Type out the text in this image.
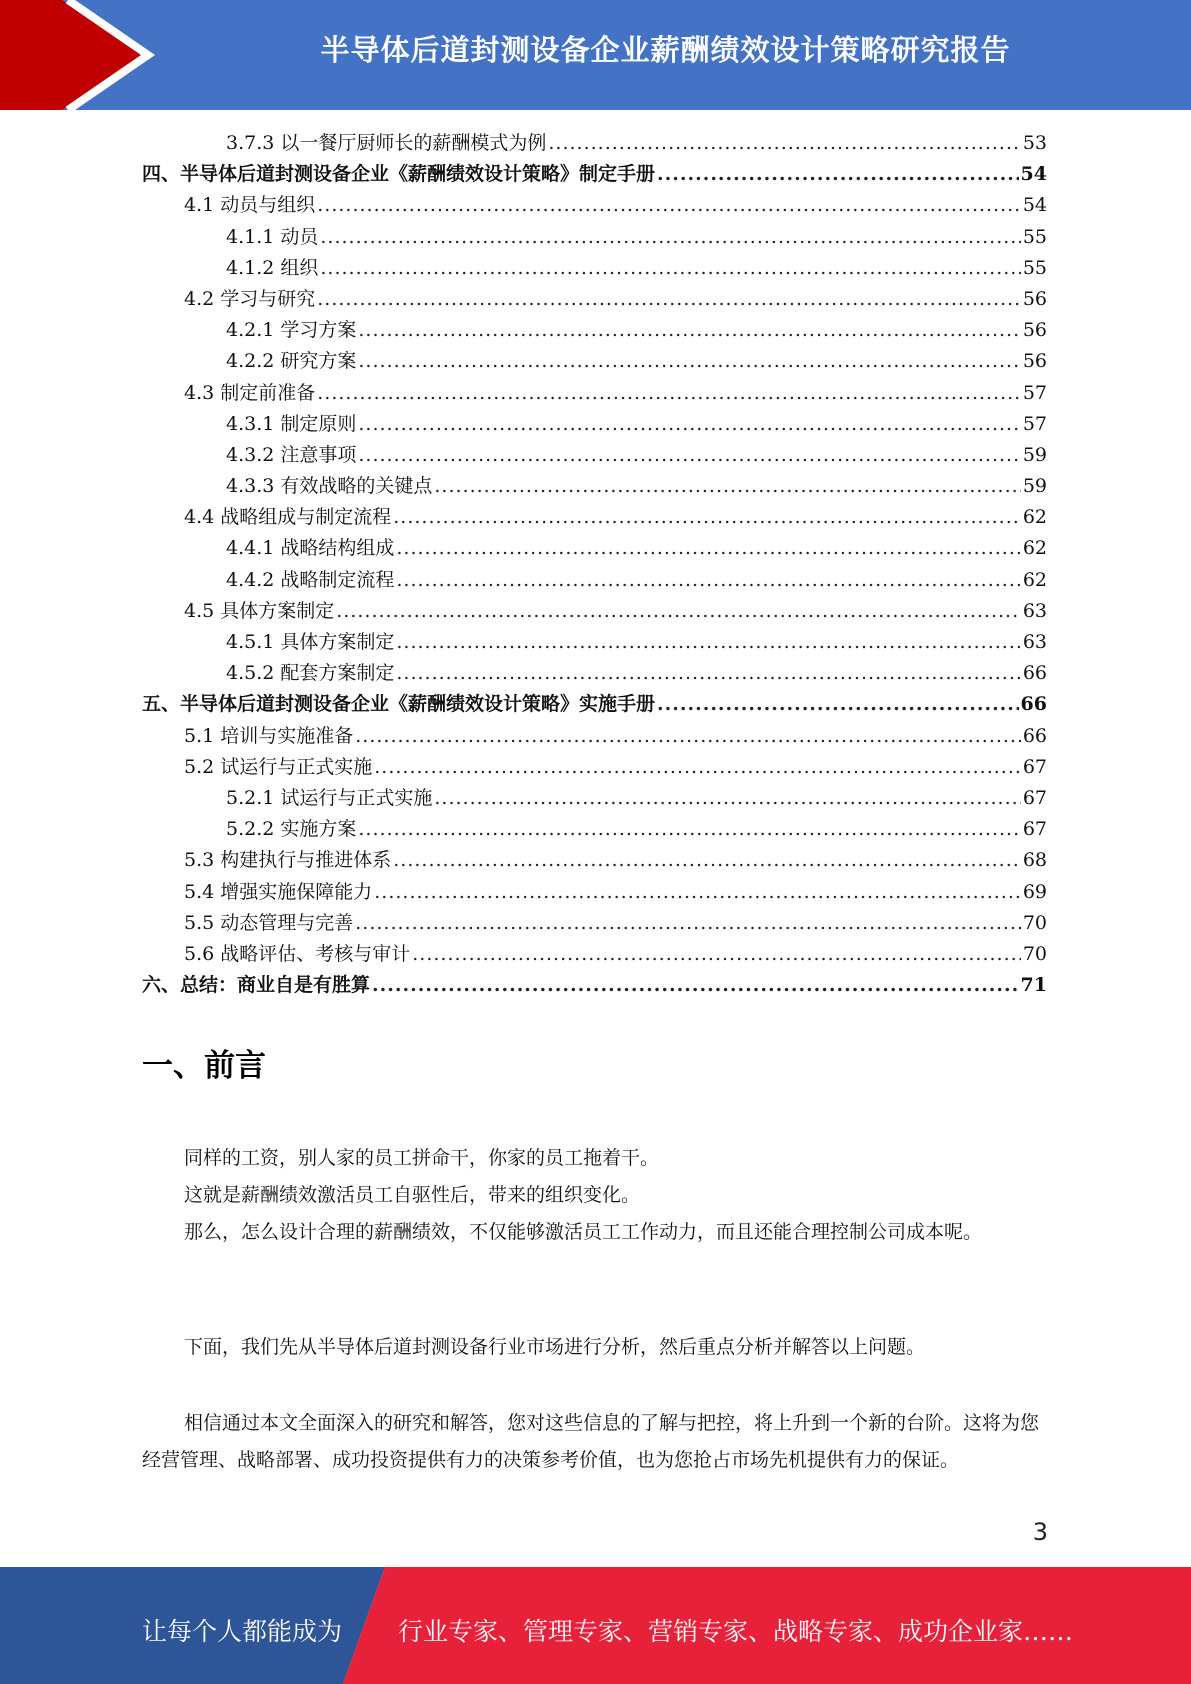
半导体后道封测设备企业薪酬绩效设计策略研究报告
3.7.3 以一餐厅厨师长的薪酬模式为例 .....	53
四、半导体后道封测设备企业《薪酬绩效设计策略》制定手册 .....	54
4.1 动员与组织 .....	54
4.1.1 动员 .....	55
4.1.2 组织 .....	55
4.2 学习与研究 .....	56
4.2.1 学习方案 .....	56
4.2.2 研究方案 .....	56
4.3 制定前准备 .....	57
4.3.1 制定原则 .....	57
4.3.2 注意事项 .....	59
4.3.3 有效战略的关键点 .....	59
4.4 战略组成与制定流程 .....	62
4.4.1 战略结构组成 .....	62
4.4.2 战略制定流程 .....	62
4.5 具体方案制定 .....	63
4.5.1 具体方案制定 .....	63
4.5.2 配套方案制定 .....	66
五、半导体后道封测设备企业《薪酬绩效设计策略》实施手册 .....	66
5.1 培训与实施准备 .....	66
5.2 试运行与正式实施 .....	67
5.2.1 试运行与正式实施 .....	67
5.2.2 实施方案 .....	67
5.3 构建执行与推进体系 .....	68
5.4 增强实施保障能力 .....	69
5.5 动态管理与完善 .....	70
5.6 战略评估、考核与审计 .....	70
六、总结：商业自是有胜算 .....	71
一、前言
同样的工资，别人家的员工拼命干，你家的员工拖着干。
这就是薪酬绩效激活员工自驱性后，带来的组织变化。
那么，怎么设计合理的薪酬绩效，不仅能够激活员工工作动力，而且还能合理控制公司成本呢。
下面，我们先从半导体后道封测设备行业市场进行分析，然后重点分析并解答以上问题。
相信通过本文全面深入的研究和解答，您对这些信息的了解与把控，将上升到一个新的台阶。这将为您经营管理、战略部署、成功投资提供有力的决策参考价值，也为您抢占市场先机提供有力的保证。
3
让每个人都能成为 行业专家、管理专家、营销专家、战略专家、成功企业家……
